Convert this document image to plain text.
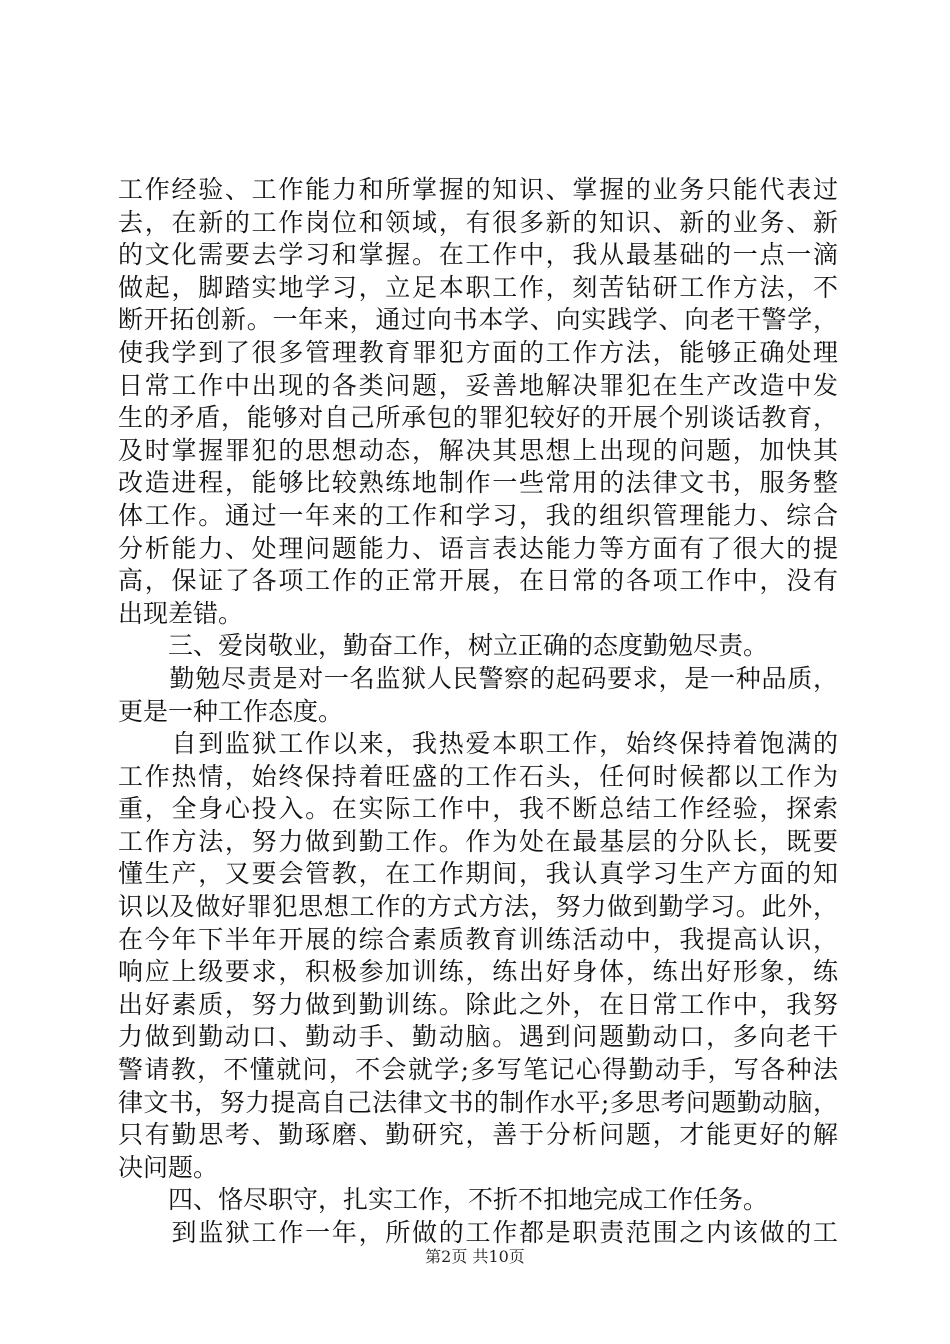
工作经验、工作能力和所掌握的知识、掌握的业务只能代表过
去，在新的工作岗位和领域，有很多新的知识、新的业务、新
的文化需要去学习和掌握。在工作中，我从最基础的一点一滴
做起，脚踏实地学习，立足本职工作，刻苦钻研工作方法，不
断开拓创新。一年来，通过向书本学、向实践学、向老干警学，
使我学到了很多管理教育罪犯方面的工作方法，能够正确处理
日常工作中出现的各类问题，妥善地解决罪犯在生产改造中发
生的矛盾，能够对自己所承包的罪犯较好的开展个别谈话教育，
及时掌握罪犯的思想动态，解决其思想上出现的问题，加快其
改造进程，能够比较熟练地制作一些常用的法律文书，服务整
体工作。通过一年来的工作和学习，我的组织管理能力、综合
分析能力、处理问题能力、语言表达能力等方面有了很大的提
高，保证了各项工作的正常开展，在日常的各项工作中，没有
出现差错。
　　三、爱岗敬业，勤奋工作，树立正确的态度勤勉尽责。
　　勤勉尽责是对一名监狱人民警察的起码要求，是一种品质，
更是一种工作态度。
　　自到监狱工作以来，我热爱本职工作，始终保持着饱满的
工作热情，始终保持着旺盛的工作石头，任何时候都以工作为
重，全身心投入。在实际工作中，我不断总结工作经验，探索
工作方法，努力做到勤工作。作为处在最基层的分队长，既要
懂生产，又要会管教，在工作期间，我认真学习生产方面的知
识以及做好罪犯思想工作的方式方法，努力做到勤学习。此外，
在今年下半年开展的综合素质教育训练活动中，我提高认识，
响应上级要求，积极参加训练，练出好身体，练出好形象，练
出好素质，努力做到勤训练。除此之外，在日常工作中，我努
力做到勤动口、勤动手、勤动脑。遇到问题勤动口，多向老干
警请教，不懂就问，不会就学;多写笔记心得勤动手，写各种法
律文书，努力提高自己法律文书的制作水平;多思考问题勤动脑，
只有勤思考、勤琢磨、勤研究，善于分析问题，才能更好的解
决问题。
　　四、恪尽职守，扎实工作，不折不扣地完成工作任务。
　　到监狱工作一年，所做的工作都是职责范围之内该做的工
第2页 共10页
